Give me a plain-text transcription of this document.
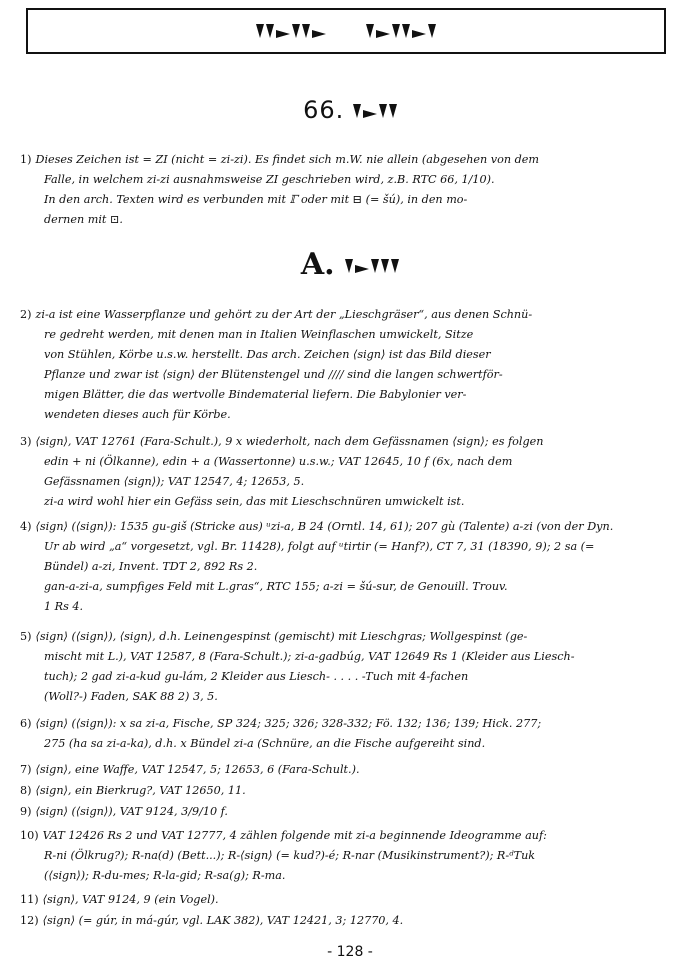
66.
A.
1) Dieses Zeichen ist = ZI (nicht = zi-zi). Es findet sich m.W. nie allein (abgesehen von dem
Falle, in welchem zi-zi ausnahmsweise ZI geschrieben wird, z.B. RTC 66, 1/10).
In den arch. Texten wird es verbunden mit ℾ oder mit ⊟ (= šú), in den mo-
dernen mit ⊡.
2) zi-a ist eine Wasserpflanze und gehört zu der Art der „Lieschgräser“, aus denen Schnü-
re gedreht werden, mit denen man in Italien Weinflaschen umwickelt, Sitze
von Stühlen, Körbe u.s.w. herstellt. Das arch. Zeichen ⟨sign⟩ ist das Bild dieser
Pflanze und zwar ist ⟨sign⟩ der Blütenstengel und //// sind die langen schwertför-
migen Blätter, die das wertvolle Bindematerial liefern. Die Babylonier ver-
wendeten dieses auch für Körbe.
3) ⟨sign⟩, VAT 12761 (Fara-Schult.), 9 x wiederholt, nach dem Gefässnamen ⟨sign⟩; es folgen
edin + ni (Ölkanne), edin + a (Wassertonne) u.s.w.; VAT 12645, 10 f (6x, nach dem
Gefässnamen ⟨sign⟩); VAT 12547, 4; 12653, 5.
zi-a wird wohl hier ein Gefäss sein, das mit Lieschschnüren umwickelt ist.
4) ⟨sign⟩ (⟨sign⟩): 1535 gu-giš (Stricke aus) ᵘzi-a, B 24 (Orntl. 14, 61); 207 gù (Talente) a-zi (von der Dyn.
Ur ab wird „a“ vorgesetzt, vgl. Br. 11428), folgt auf ᵘtirtir (= Hanf?), CT 7, 31 (18390, 9); 2 sa (=
Bündel) a-zi, Invent. TDT 2, 892 Rs 2.
gan-a-zi-a, sumpfiges Feld mit L.gras“, RTC 155; a-zi = šú-sur, de Genouill. Trouv.
1 Rs 4.
5) ⟨sign⟩ (⟨sign⟩), ⟨sign⟩, d.h. Leinengespinst (gemischt) mit Lieschgras; Wollgespinst (ge-
mischt mit L.), VAT 12587, 8 (Fara-Schult.); zi-a-gadbúg, VAT 12649 Rs 1 (Kleider aus Liesch-
tuch); 2 gad zi-a-kud gu-lám, 2 Kleider aus Liesch- . . . . -Tuch mit 4-fachen
(Woll?-) Faden, SAK 88 2) 3, 5.
6) ⟨sign⟩ (⟨sign⟩): x sa zi-a, Fische, SP 324; 325; 326; 328-332; Fö. 132; 136; 139; Hick. 277;
275 (ha sa zi-a-ka), d.h. x Bündel zi-a (Schnüre, an die Fische aufgereiht sind.
7) ⟨sign⟩, eine Waffe, VAT 12547, 5; 12653, 6 (Fara-Schult.).
8) ⟨sign⟩, ein Bierkrug?, VAT 12650, 11.
9) ⟨sign⟩ (⟨sign⟩), VAT 9124, 3/9/10 f.
10) VAT 12426 Rs 2 und VAT 12777, 4 zählen folgende mit zi-a beginnende Ideogramme auf:
R-ni (Ölkrug?); R-na(d) (Bett...); R-⟨sign⟩ (= kud?)-é; R-nar (Musikinstrument?); R-ᵈTuk
(⟨sign⟩); R-du-mes; R-la-gid; R-sa(g); R-ma.
11) ⟨sign⟩, VAT 9124, 9 (ein Vogel).
12) ⟨sign⟩ (= gúr, in má-gúr, vgl. LAK 382), VAT 12421, 3; 12770, 4.
- 128 -
